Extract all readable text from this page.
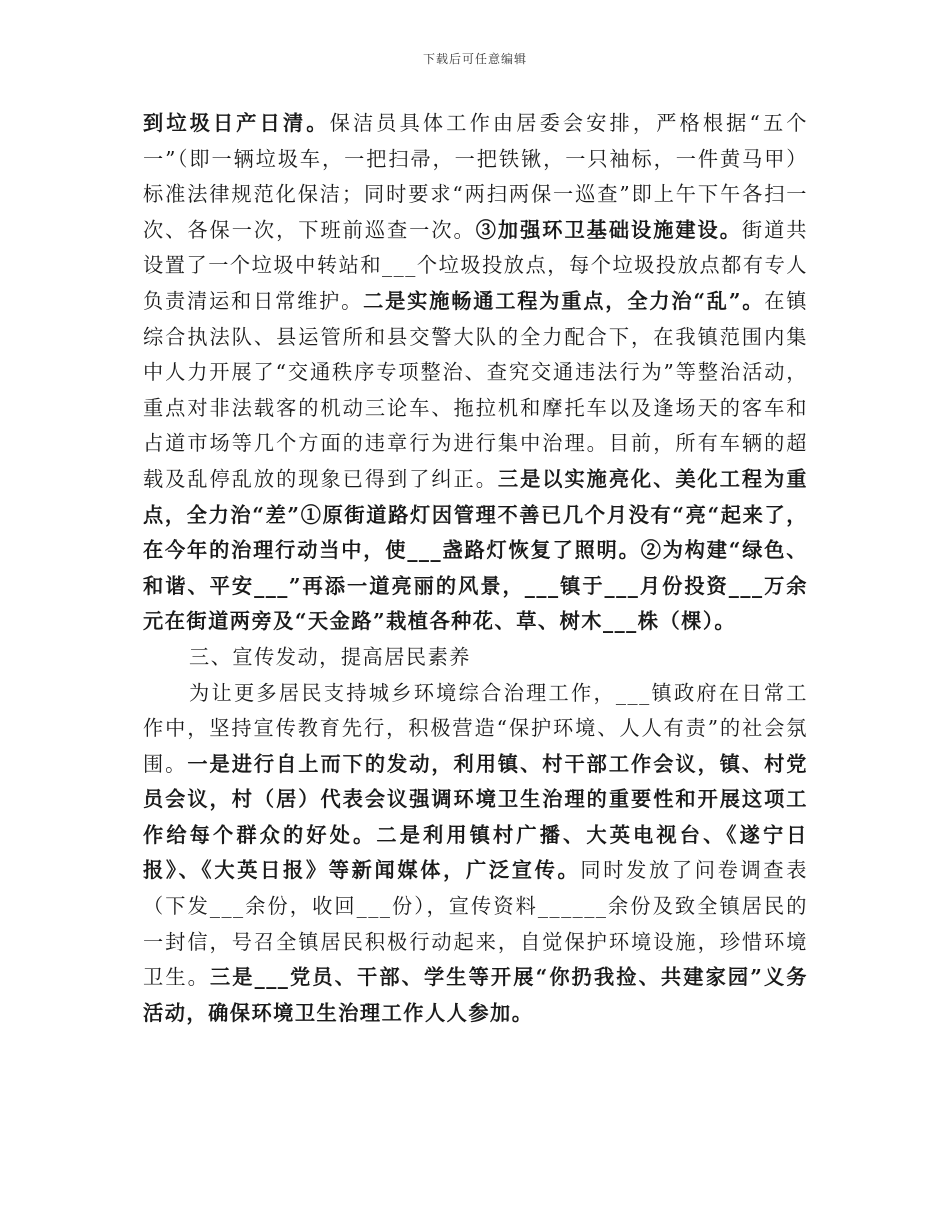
下载后可任意编辑

到垃圾日产日清。保洁员具体工作由居委会安排，严格根据“五个一”（即一辆垃圾车，一把扫帚，一把铁锹，一只袖标，一件黄马甲）标准法律规范化保洁；同时要求“两扫两保一巡查”即上午下午各扫一次、各保一次，下班前巡查一次。③加强环卫基础设施建设。街道共设置了一个垃圾中转站和___个垃圾投放点，每个垃圾投放点都有专人负责清运和日常维护。二是实施畅通工程为重点，全力治“乱”。在镇综合执法队、县运管所和县交警大队的全力配合下，在我镇范围内集中人力开展了“交通秩序专项整治、查究交通违法行为”等整治活动，重点对非法载客的机动三论车、拖拉机和摩托车以及逢场天的客车和占道市场等几个方面的违章行为进行集中治理。目前，所有车辆的超载及乱停乱放的现象已得到了纠正。三是以实施亮化、美化工程为重点，全力治“差”①原街道路灯因管理不善已几个月没有“亮“起来了，在今年的治理行动当中，使___盏路灯恢复了照明。②为构建“绿色、和谐、平安___”再添一道亮丽的风景，___镇于___月份投资___万余元在街道两旁及“天金路”栽植各种花、草、树木___株（棵）。

三、宣传发动，提高居民素养

为让更多居民支持城乡环境综合治理工作，___镇政府在日常工作中，坚持宣传教育先行，积极营造“保护环境、人人有责”的社会氛围。一是进行自上而下的发动，利用镇、村干部工作会议，镇、村党员会议，村（居）代表会议强调环境卫生治理的重要性和开展这项工作给每个群众的好处。二是利用镇村广播、大英电视台、《遂宁日报》、《大英日报》等新闻媒体，广泛宣传。同时发放了问卷调查表（下发___余份，收回___份），宣传资料______余份及致全镇居民的一封信，号召全镇居民积极行动起来，自觉保护环境设施，珍惜环境卫生。三是___党员、干部、学生等开展“你扔我捡、共建家园”义务活动，确保环境卫生治理工作人人参加。
